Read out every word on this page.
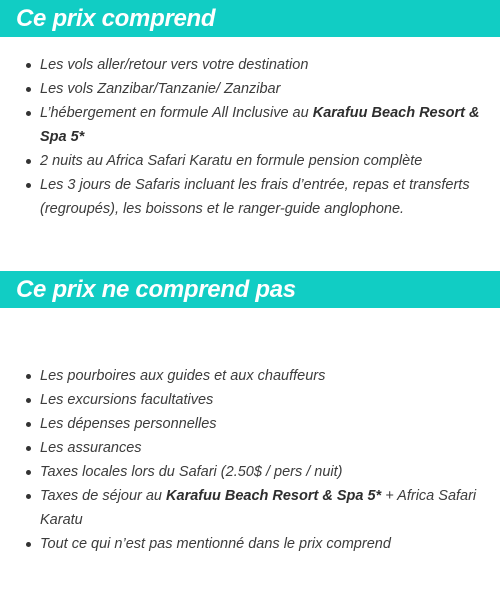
Ce prix comprend
Les vols aller/retour vers votre destination
Les vols Zanzibar/Tanzanie/ Zanzibar
L’hébergement en formule All Inclusive au Karafuu Beach Resort & Spa 5*
2 nuits au Africa Safari Karatu en formule pension complète
Les 3 jours de Safaris incluant les frais d’entrée, repas et transferts (regroupés), les boissons et le ranger-guide anglophone.
Ce prix ne comprend pas
Les pourboires aux guides et aux chauffeurs
Les excursions facultatives
Les dépenses personnelles
Les assurances
Taxes locales lors du Safari (2.50$ / pers / nuit)
Taxes de séjour au Karafuu Beach Resort & Spa 5* + Africa Safari Karatu
Tout ce qui n’est pas mentionné dans le prix comprend
